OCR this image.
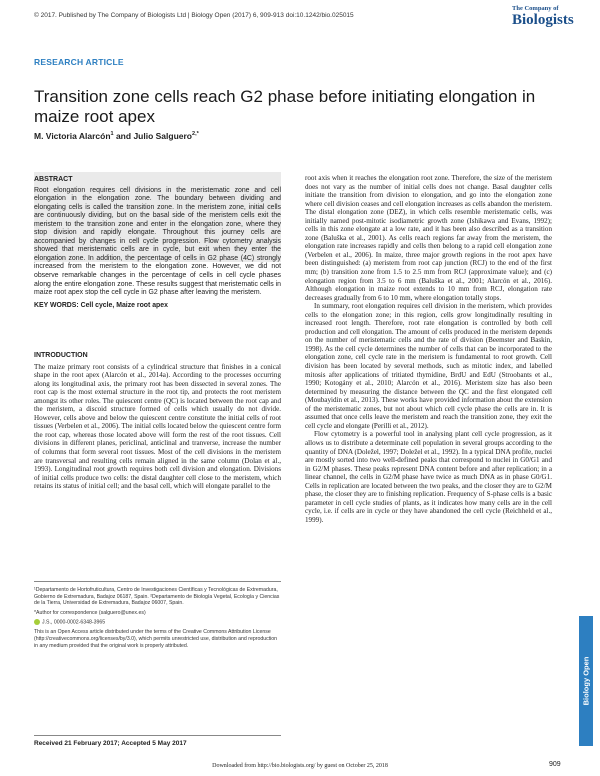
© 2017. Published by The Company of Biologists Ltd | Biology Open (2017) 6, 909-913 doi:10.1242/bio.025015
The Company of
Biologists
RESEARCH ARTICLE
Transition zone cells reach G2 phase before initiating elongation in maize root apex
M. Victoria Alarcón$^1$ and Julio Salguero$^{2,*}$
ABSTRACT

Root elongation requires cell divisions in the meristematic zone and cell elongation in the elongation zone. The boundary between dividing and elongating cells is called the transition zone. In the meristem zone, initial cells are continuously dividing, but on the basal side of the meristem cells exit the meristem to the transition zone and enter in the elongation zone, where they stop division and rapidly elongate. Throughout this journey cells are accompanied by changes in cell cycle progression. Flow cytometry analysis showed that meristematic cells are in cycle, but exit when they enter the elongation zone. In addition, the percentage of cells in G2 phase (4C) strongly increased from the meristem to the elongation zone. However, we did not observe remarkable changes in the percentage of cells in cell cycle phases along the entire elongation zone. These results suggest that meristematic cells in maize root apex stop the cell cycle in G2 phase after leaving the meristem.

KEY WORDS: Cell cycle, Maize root apex
INTRODUCTION

The maize primary root consists of a cylindrical structure that finishes in a conical shape in the root apex (Alarcón et al., 2014a). According to the processes occurring along its longitudinal axis, the primary root has been dissected in several zones. The root cap is the most external structure in the root tip, and protects the root meristem amongst its other roles. The quiescent centre (QC) is located between the root cap and the meristem, a discoid structure formed of cells which usually do not divide. However, cells above and below the quiescent centre constitute the initial cells of root tissues (Verbelen et al., 2006). The initial cells located below the quiescent centre form the root cap, whereas those located above will form the rest of the root tissues. Cell divisions in different planes, periclinal, anticlinal and tranverse, increase the number of columns that form several root tissues. Most of the cell divisions in the meristem are transversal and resulting cells remain aligned in the same column (Dolan et al., 1993). Longitudinal root growth requires both cell division and elongation. Divisions of initial cells produce two cells: the distal daughter cell close to the meristem, which retains its status of initial cell; and the basal cell, which will elongate parallel to the

¹Departamento de Hortofruticultura, Centro de Investigaciones Científicas y Tecnológicas de Extremadura, Gobierno de Extremadura, Badajoz 06187, Spain. ²Departamento de Biología Vegetal, Ecología y Ciencias de la Tierra, Universidad de Extremadura, Badajoz 06007, Spain.

*Author for correspondence (salguero@unex.es)

J.S., 0000-0002-6348-3965

This is an Open Access article distributed under the terms of the Creative Commons Attribution License (http://creativecommons.org/licenses/by/3.0), which permits unrestricted use, distribution and reproduction in any medium provided that the original work is properly attributed.

Received 21 February 2017; Accepted 5 May 2017

root axis when it reaches the elongation root zone. Therefore, the size of the meristem does not vary as the number of initial cells does not change. Basal daughter cells initiate the transition from division to elongation, and go into the elongation zone where cell division ceases and cell elongation increases as cells abandon the meristem. The distal elongation zone (DEZ), in which cells resemble meristematic cells, was initially named post-mitotic isodiametric growth zone (Ishikawa and Evans, 1992); cells in this zone elongate at a low rate, and it has been also described as a transition zone (Baluška et al., 2001). As cells reach regions far away from the meristem, the elongation rate increases rapidly and cells then belong to a rapid cell elongation zone (Verbelen et al., 2006). In maize, three major growth regions in the root apex have been distinguished: (a) meristem from root cap junction (RCJ) to the end of the first mm; (b) transition zone from 1.5 to 2.5 mm from RCJ (approximate value); and (c) elongation region from 3.5 to 6 mm (Baluška et al., 2001; Alarcón et al., 2016). Although elongation in maize root extends to 10 mm from RCJ, elongation rate decreases gradually from 6 to 10 mm, where elongation totally stops.

In summary, root elongation requires cell division in the meristem, which provides cells to the elongation zone; in this region, cells grow longitudinally resulting in increased root length. Therefore, root rate elongation is controlled by both cell production and cell elongation. The amount of cells produced in the meristem depends on the number of meristematic cells and the rate of division (Beemster and Baskin, 1998). As the cell cycle determines the number of cells that can be incorporated to the elongation zone, cell cycle rate in the meristem is fundamental to root growth. Cell division has been located by several methods, such as mitotic index, and labelled mitosis after applications of tritiated thymidine, BrdU and EdU (Stroobants et al., 1990; Kotogány et al., 2010; Alarcón et al., 2016). Meristem size has also been determined by measuring the distance between the QC and the first elongated cell (Moubayidin et al., 2013). These works have provided information about the extension of the meristematic zones, but not about which cell cycle phase the cells are in. It is assumed that once cells leave the meristem and reach the transition zone, they exit the cell cycle and elongate (Perilli et al., 2012).

Flow cytometry is a powerful tool in analysing plant cell cycle progression, as it allows us to distribute a determinate cell population in several groups according to the quantity of DNA (Doležel, 1997; Doležel et al., 1992). In a typical DNA profile, nuclei are mostly sorted into two well-defined peaks that correspond to nuclei in G0/G1 and in G2/M phases. These peaks represent DNA content before and after replication; in a linear channel, the cells in G2/M phase have twice as much DNA as in phase G0/G1. Cells in replication are located between the two peaks, and the closer they are to G2/M phase, the closer they are to finishing replication. Frequency of S-phase cells is a basic parameter in cell cycle studies of plants, as it indicates how many cells are in the cell cycle, i.e. if cells are in cycle or they have abandoned the cell cycle (Reichheld et al., 1999).

Biology Open
909
Downloaded from http://bio.biologists.org/ by guest on October 25, 2018
